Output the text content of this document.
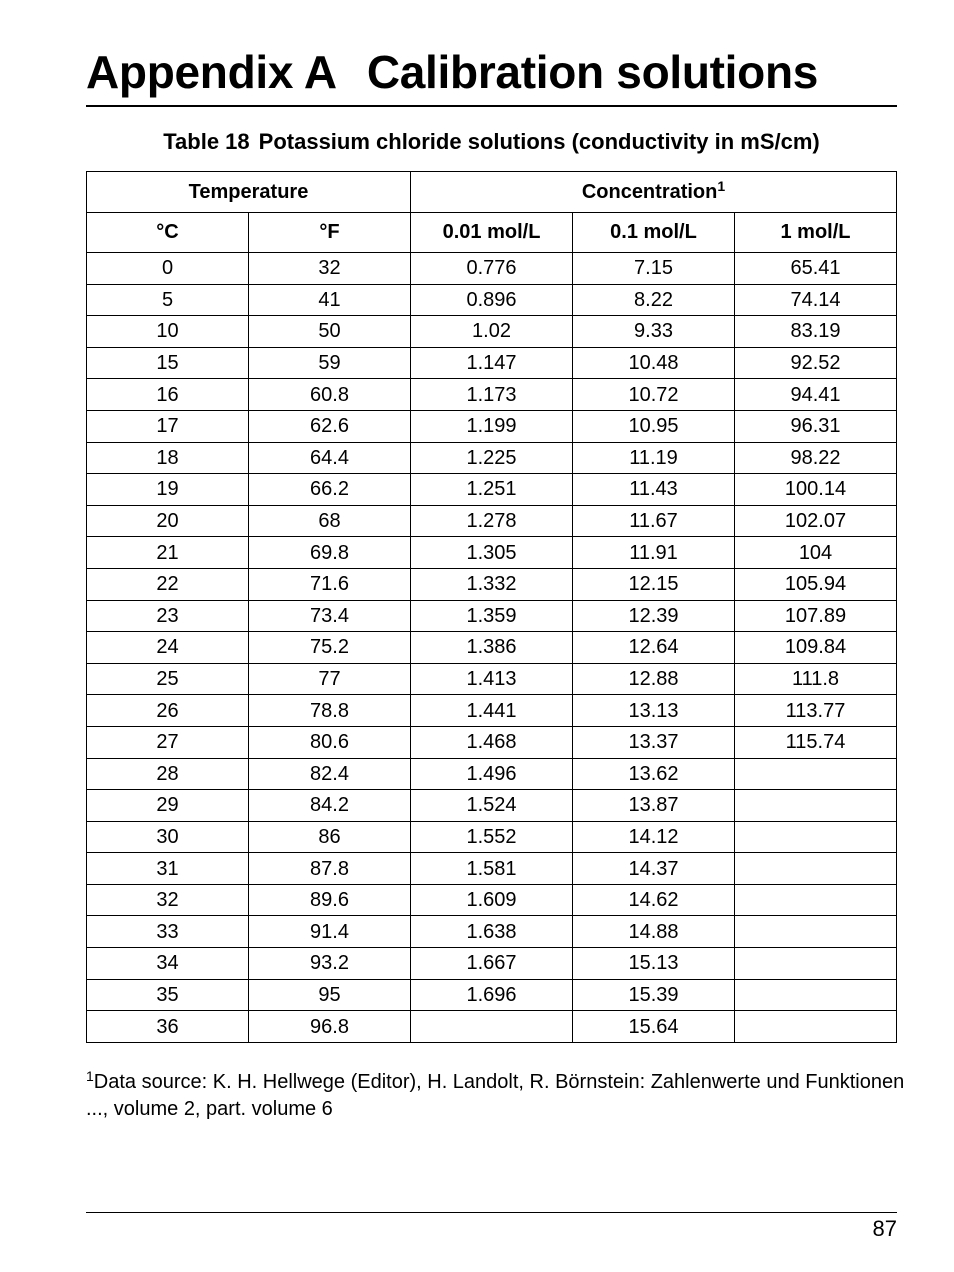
Appendix A Calibration solutions
Table 18 Potassium chloride solutions (conductivity in mS/cm)
Temperature		Concentration$^1$
°C	°F	0.01 mol/L	0.1 mol/L	1 mol/L
0	32	0.776	7.15	65.41
5	41	0.896	8.22	74.14
10	50	1.02	9.33	83.19
15	59	1.147	10.48	92.52
16	60.8	1.173	10.72	94.41
17	62.6	1.199	10.95	96.31
18	64.4	1.225	11.19	98.22
19	66.2	1.251	11.43	100.14
20	68	1.278	11.67	102.07
21	69.8	1.305	11.91	104
22	71.6	1.332	12.15	105.94
23	73.4	1.359	12.39	107.89
24	75.2	1.386	12.64	109.84
25	77	1.413	12.88	111.8
26	78.8	1.441	13.13	113.77
27	80.6	1.468	13.37	115.74
28	82.4	1.496	13.62	
29	84.2	1.524	13.87	
30	86	1.552	14.12	
31	87.8	1.581	14.37	
32	89.6	1.609	14.62	
33	91.4	1.638	14.88	
34	93.2	1.667	15.13	
35	95	1.696	15.39	
36	96.8		15.64	
$^1$Data source: K. H. Hellwege (Editor), H. Landolt, R. Börnstein: Zahlenwerte und Funktionen ..., volume 2, part. volume 6
87
